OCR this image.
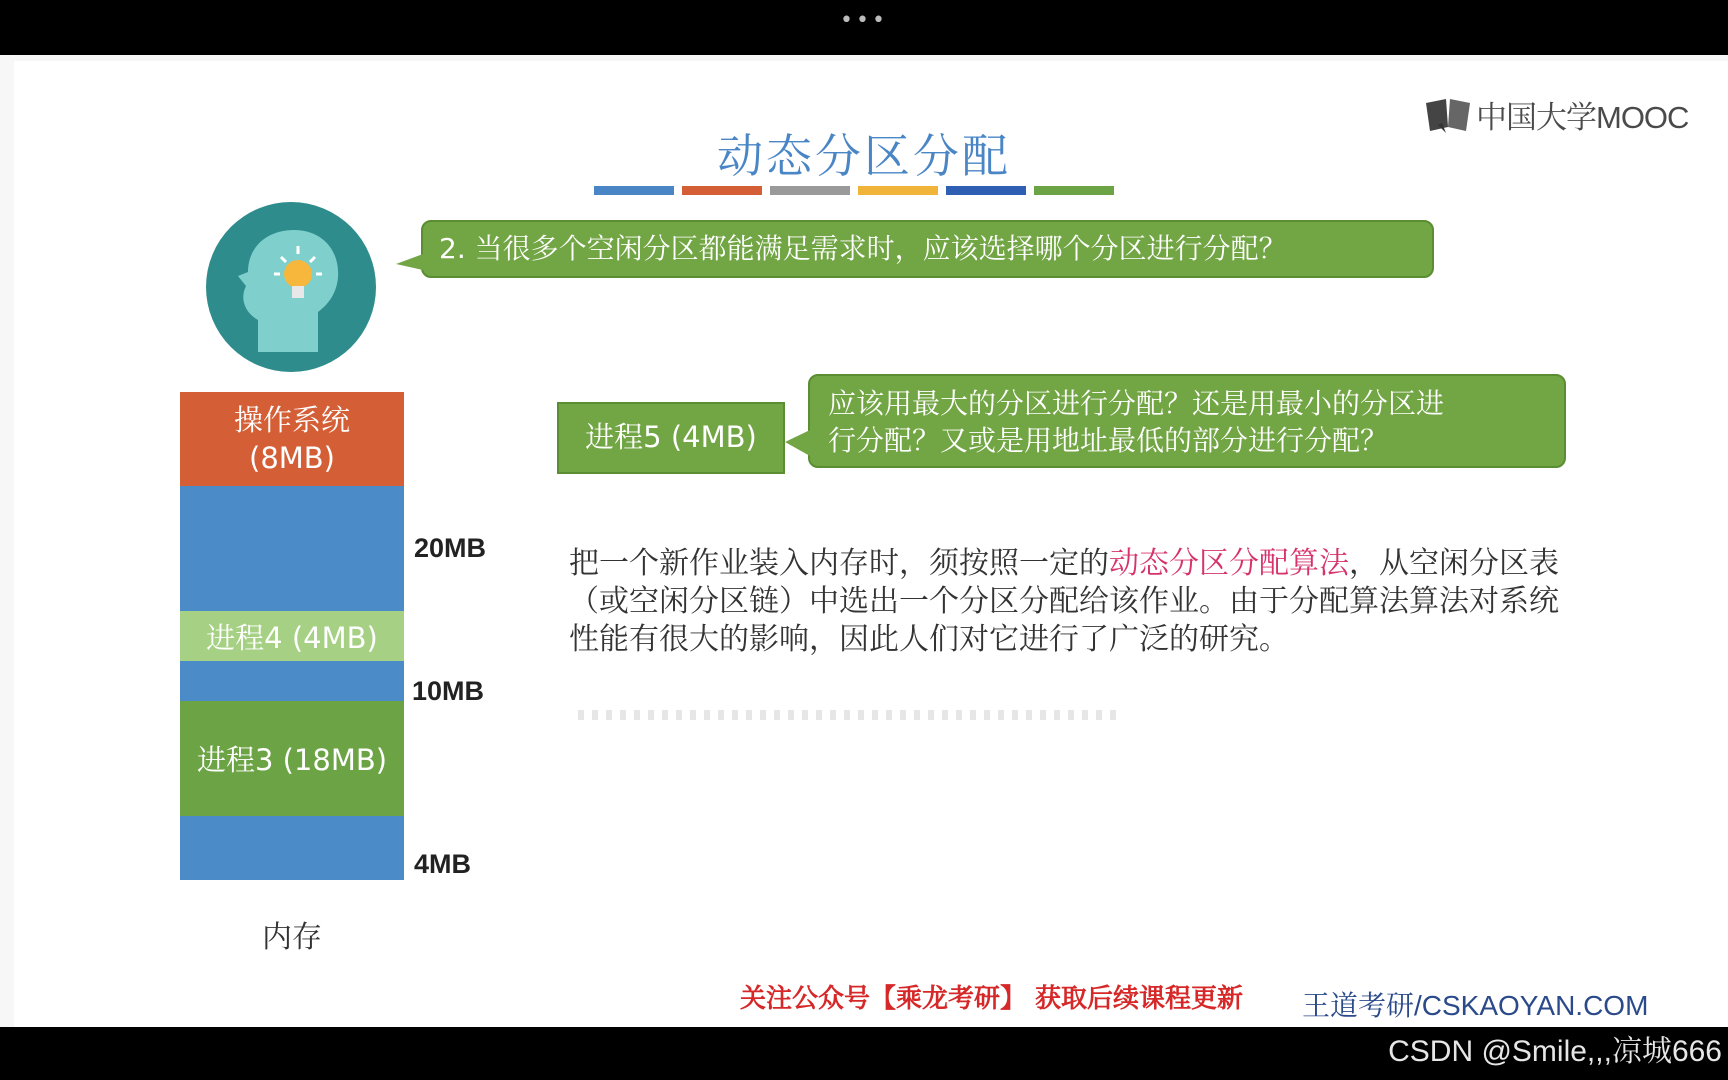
•••
中国大学MOOC
动态分区分配
2. 当很多个空闲分区都能满足需求时，应该选择哪个分区进行分配？
进程5 (4MB)
应该用最大的分区进行分配？还是用最小的分区进
行分配？又或是用地址最低的部分进行分配？
操作系统
(8MB)
进程4 (4MB)
进程3 (18MB)
内存
20MB
10MB
4MB
把一个新作业装入内存时，须按照一定的动态分区分配算法，从空闲分区表（或空闲分区链）中选出一个分区分配给该作业。由于分配算法算法对系统性能有很大的影响，因此人们对它进行了广泛的研究。
关注公众号【乘龙考研】 获取后续课程更新 王道考研/CSKAOYAN.COM
CSDN @Smile,,,凉城666
